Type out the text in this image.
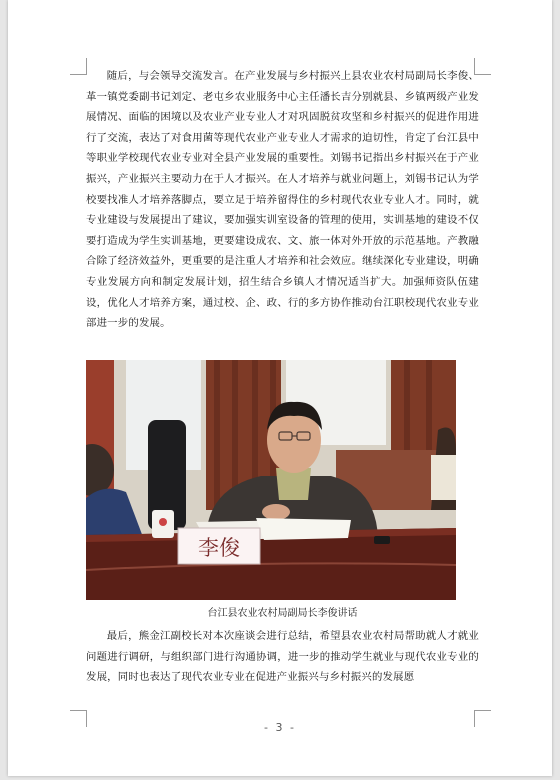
随后，与会领导交流发言。在产业发展与乡村振兴上县农业农村局副局长李俊、革一镇党委副书记刘定、老屯乡农业服务中心主任潘长吉分别就县、乡镇两级产业发展情况、面临的困境以及农业产业专业人才对巩固脱贫攻坚和乡村振兴的促进作用进行了交流，表达了对食用菌等现代农业产业专业人才需求的迫切性，肯定了台江县中等职业学校现代农业专业对全县产业发展的重要性。刘锡书记指出乡村振兴在于产业振兴，产业振兴主要动力在于人才振兴。在人才培养与就业问题上，刘锡书记认为学校要找准人才培养落脚点，要立足于培养留得住的乡村现代农业专业人才。同时，就专业建设与发展提出了建议，要加强实训室设备的管理的使用，实训基地的建设不仅要打造成为学生实训基地，更要建设成农、文、旅一体对外开放的示范基地。产教融合除了经济效益外，更重要的是注重人才培养和社会效应。继续深化专业建设，明确专业发展方向和制定发展计划，招生结合乡镇人才情况适当扩大。加强师资队伍建设，优化人才培养方案，通过校、企、政、行的多方协作推动台江职校现代农业专业部进一步的发展。

李俊
台江县农业农村局副局长李俊讲话

最后，熊金江副校长对本次座谈会进行总结，希望县农业农村局帮助就人才就业问题进行调研，与组织部门进行沟通协调，进一步的推动学生就业与现代农业专业的发展，同时也表达了现代农业专业在促进产业振兴与乡村振兴的发展愿

- 3 -
